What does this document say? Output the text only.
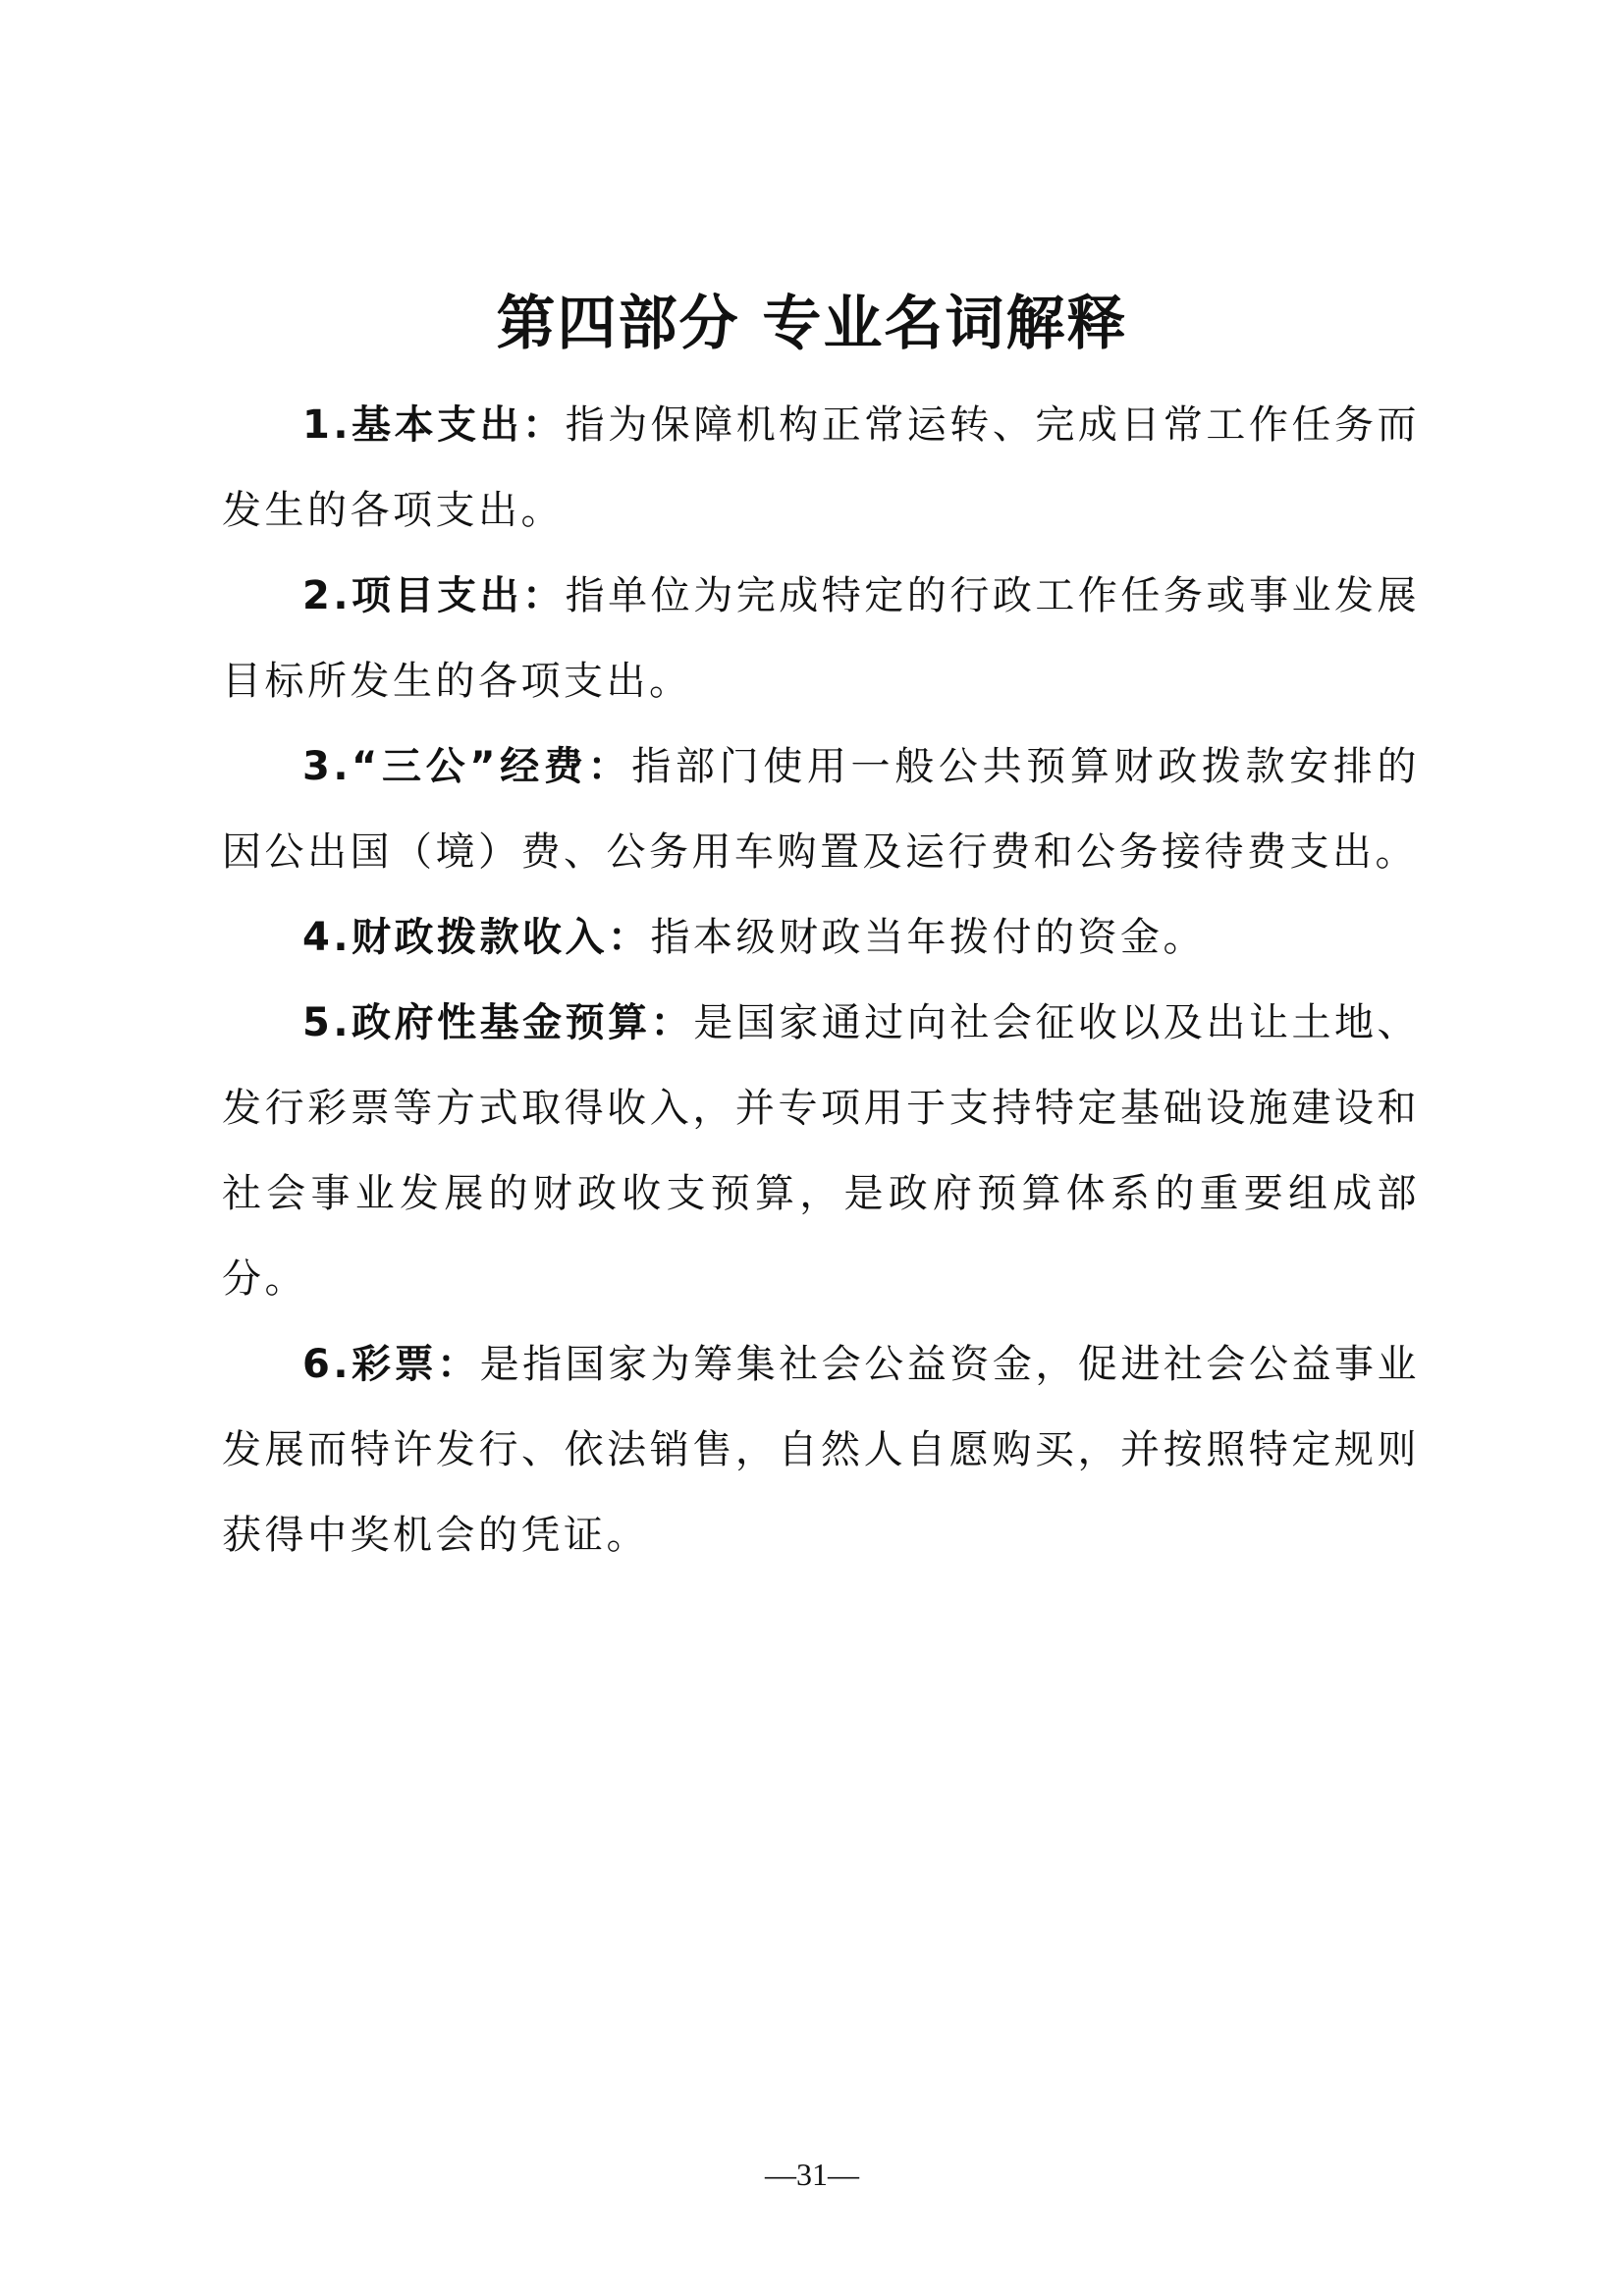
第四部分 专业名词解释

1.基本支出：指为保障机构正常运转、完成日常工作任务而发生的各项支出。

2.项目支出：指单位为完成特定的行政工作任务或事业发展目标所发生的各项支出。

3.“三公”经费：指部门使用一般公共预算财政拨款安排的因公出国（境）费、公务用车购置及运行费和公务接待费支出。

4.财政拨款收入：指本级财政当年拨付的资金。

5.政府性基金预算：是国家通过向社会征收以及出让土地、发行彩票等方式取得收入，并专项用于支持特定基础设施建设和社会事业发展的财政收支预算，是政府预算体系的重要组成部分。

6.彩票：是指国家为筹集社会公益资金，促进社会公益事业发展而特许发行、依法销售，自然人自愿购买，并按照特定规则获得中奖机会的凭证。

—31—
